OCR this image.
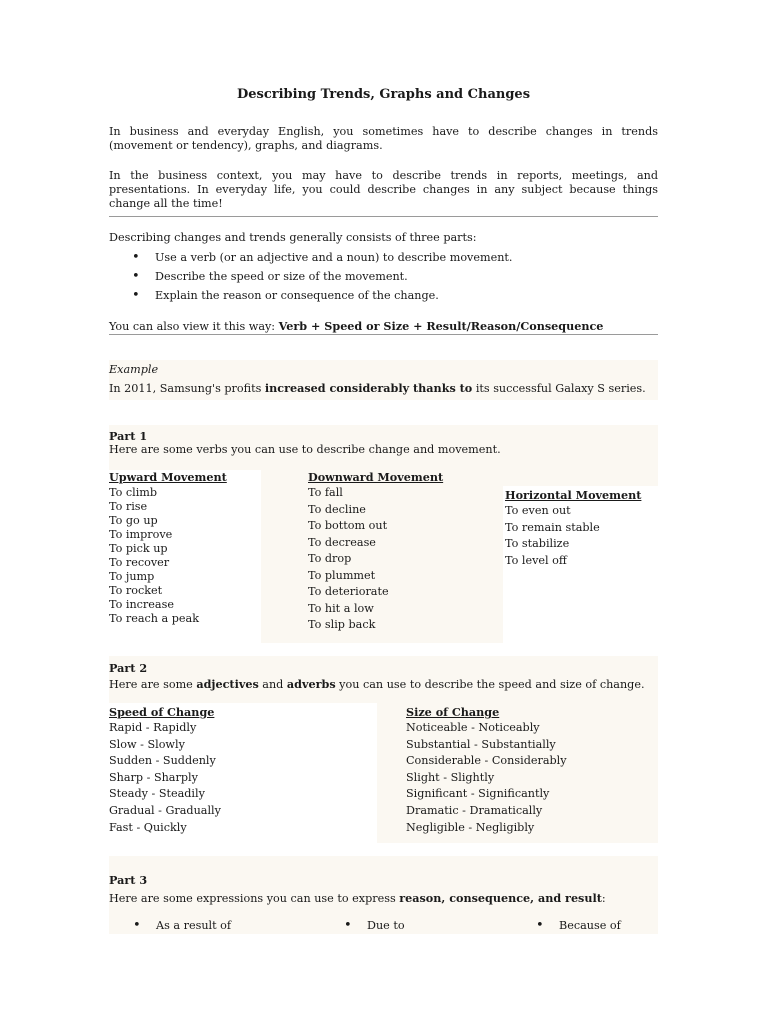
Describing Trends, Graphs and Changes
In business and everyday English, you sometimes have to describe changes in trends (movement or tendency), graphs, and diagrams.
In the business context, you may have to describe trends in reports, meetings, and presentations. In everyday life, you could describe changes in any subject because things change all the time!
Describing changes and trends generally consists of three parts:
• Use a verb (or an adjective and a noun) to describe movement.
• Describe the speed or size of the movement.
• Explain the reason or consequence of the change.
You can also view it this way: Verb + Speed or Size + Result/Reason/Consequence
Example
In 2011, Samsung's profits increased considerably thanks to its successful Galaxy S series.
Part 1
Here are some verbs you can use to describe change and movement.
Upward Movement
To climb
To rise
To go up
To improve
To pick up
To recover
To jump
To rocket
To increase
To reach a peak
Downward Movement
To fall
To decline
To bottom out
To decrease
To drop
To plummet
To deteriorate
To hit a low
To slip back
Horizontal Movement
To even out
To remain stable
To stabilize
To level off
Part 2
Here are some adjectives and adverbs you can use to describe the speed and size of change.
Speed of Change
Rapid - Rapidly
Slow - Slowly
Sudden - Suddenly
Sharp - Sharply
Steady - Steadily
Gradual - Gradually
Fast - Quickly
Size of Change
Noticeable - Noticeably
Substantial - Substantially
Considerable - Considerably
Slight - Slightly
Significant - Significantly
Dramatic - Dramatically
Negligible - Negligibly
Part 3
Here are some expressions you can use to express reason, consequence, and result:
• As a result of	• Due to	• Because of
